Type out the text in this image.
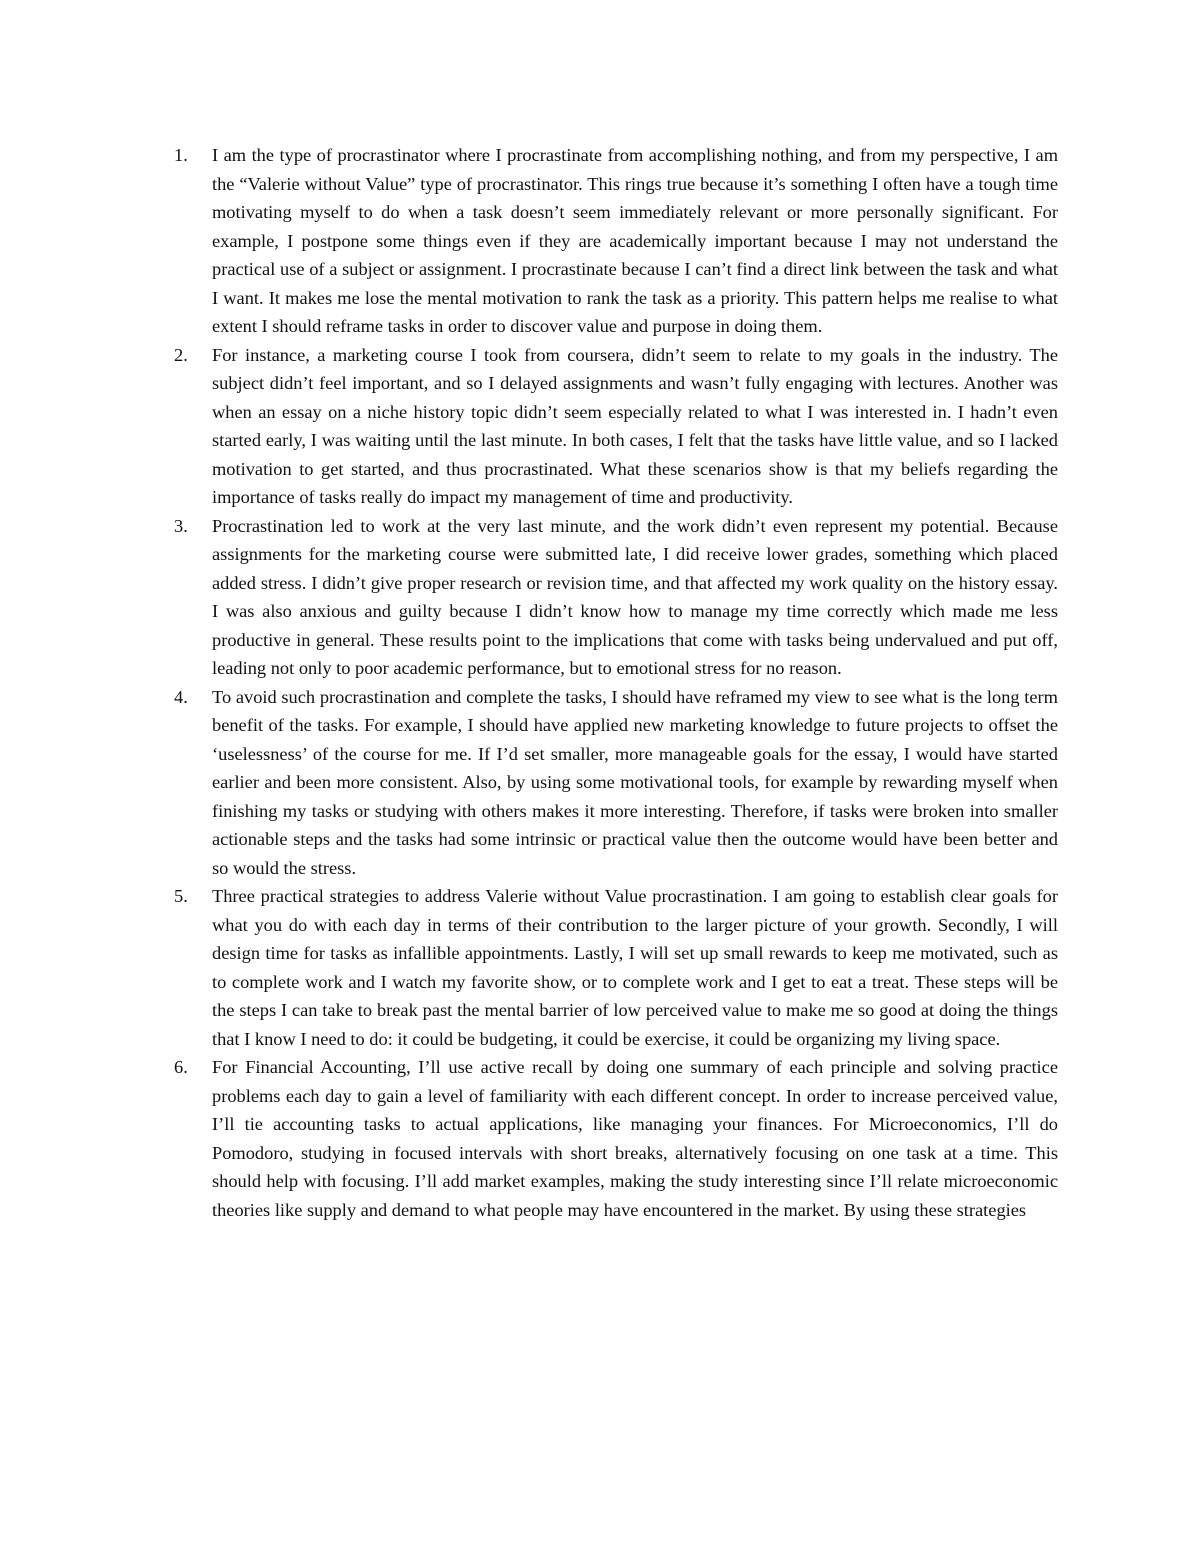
1. I am the type of procrastinator where I procrastinate from accomplishing nothing, and from my perspective, I am the “Valerie without Value” type of procrastinator. This rings true because it’s something I often have a tough time motivating myself to do when a task doesn’t seem immediately relevant or more personally significant. For example, I postpone some things even if they are academically important because I may not understand the practical use of a subject or assignment. I procrastinate because I can’t find a direct link between the task and what I want. It makes me lose the mental motivation to rank the task as a priority. This pattern helps me realise to what extent I should reframe tasks in order to discover value and purpose in doing them.

2. For instance, a marketing course I took from coursera, didn’t seem to relate to my goals in the industry. The subject didn’t feel important, and so I delayed assignments and wasn’t fully engaging with lectures. Another was when an essay on a niche history topic didn’t seem especially related to what I was interested in. I hadn’t even started early, I was waiting until the last minute. In both cases, I felt that the tasks have little value, and so I lacked motivation to get started, and thus procrastinated. What these scenarios show is that my beliefs regarding the importance of tasks really do impact my management of time and productivity.

3. Procrastination led to work at the very last minute, and the work didn’t even represent my potential. Because assignments for the marketing course were submitted late, I did receive lower grades, something which placed added stress. I didn’t give proper research or revision time, and that affected my work quality on the history essay. I was also anxious and guilty because I didn’t know how to manage my time correctly which made me less productive in general. These results point to the implications that come with tasks being undervalued and put off, leading not only to poor academic performance, but to emotional stress for no reason.

4. To avoid such procrastination and complete the tasks, I should have reframed my view to see what is the long term benefit of the tasks. For example, I should have applied new marketing knowledge to future projects to offset the ‘uselessness’ of the course for me. If I’d set smaller, more manageable goals for the essay, I would have started earlier and been more consistent. Also, by using some motivational tools, for example by rewarding myself when finishing my tasks or studying with others makes it more interesting. Therefore, if tasks were broken into smaller actionable steps and the tasks had some intrinsic or practical value then the outcome would have been better and so would the stress.

5. Three practical strategies to address Valerie without Value procrastination. I am going to establish clear goals for what you do with each day in terms of their contribution to the larger picture of your growth. Secondly, I will design time for tasks as infallible appointments. Lastly, I will set up small rewards to keep me motivated, such as to complete work and I watch my favorite show, or to complete work and I get to eat a treat. These steps will be the steps I can take to break past the mental barrier of low perceived value to make me so good at doing the things that I know I need to do: it could be budgeting, it could be exercise, it could be organizing my living space.

6. For Financial Accounting, I’ll use active recall by doing one summary of each principle and solving practice problems each day to gain a level of familiarity with each different concept. In order to increase perceived value, I’ll tie accounting tasks to actual applications, like managing your finances. For Microeconomics, I’ll do Pomodoro, studying in focused intervals with short breaks, alternatively focusing on one task at a time. This should help with focusing. I’ll add market examples, making the study interesting since I’ll relate microeconomic theories like supply and demand to what people may have encountered in the market. By using these strategies
